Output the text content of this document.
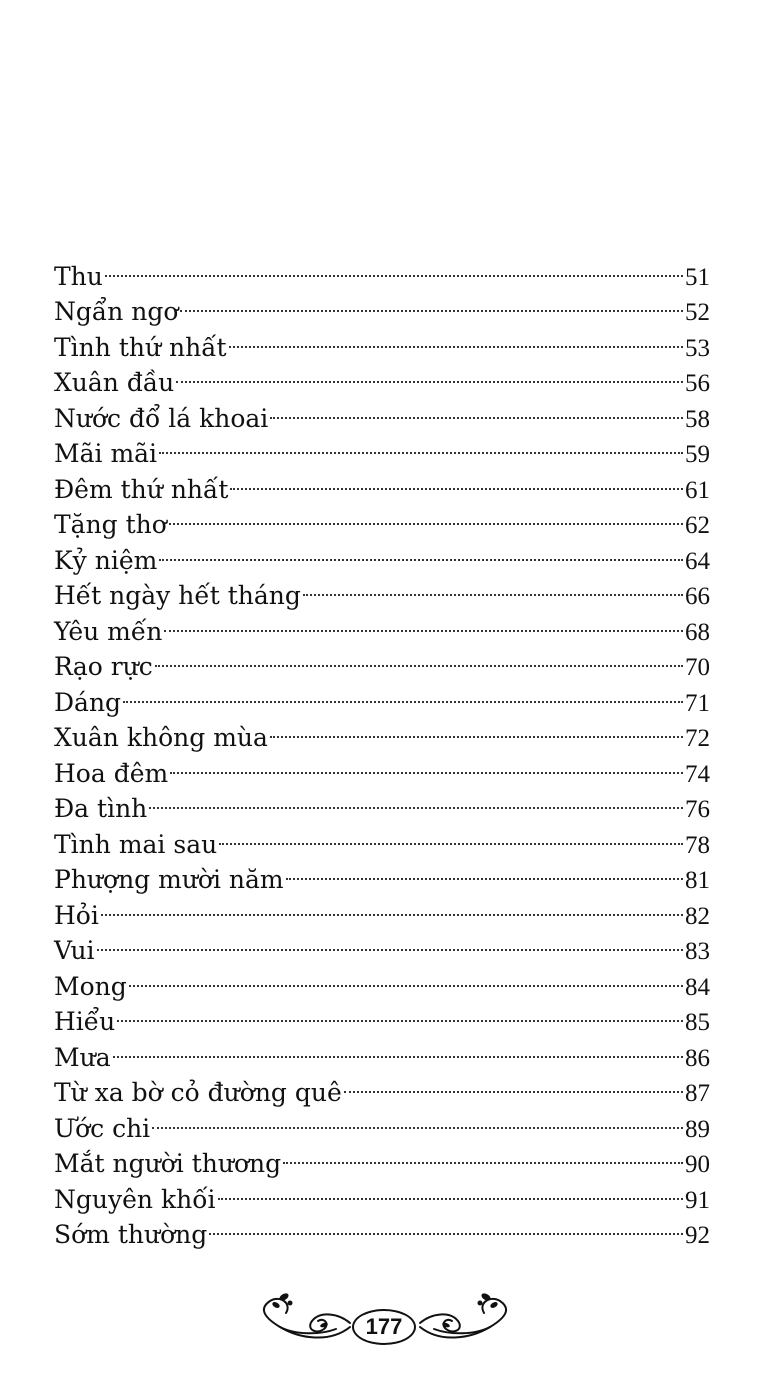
Thu	51
Ngẩn ngơ	52
Tình thứ nhất	53
Xuân đầu	56
Nước đổ lá khoai	58
Mãi mãi	59
Đêm thứ nhất	61
Tặng thơ	62
Kỷ niệm	64
Hết ngày hết tháng	66
Yêu mến	68
Rạo rực	70
Dáng	71
Xuân không mùa	72
Hoa đêm	74
Đa tình	76
Tình mai sau	78
Phượng mười năm	81
Hỏi	82
Vui	83
Mong	84
Hiểu	85
Mưa	86
Từ xa bờ cỏ đường quê	87
Ước chi	89
Mắt người thương	90
Nguyên khối	91
Sớm thường	92
177
